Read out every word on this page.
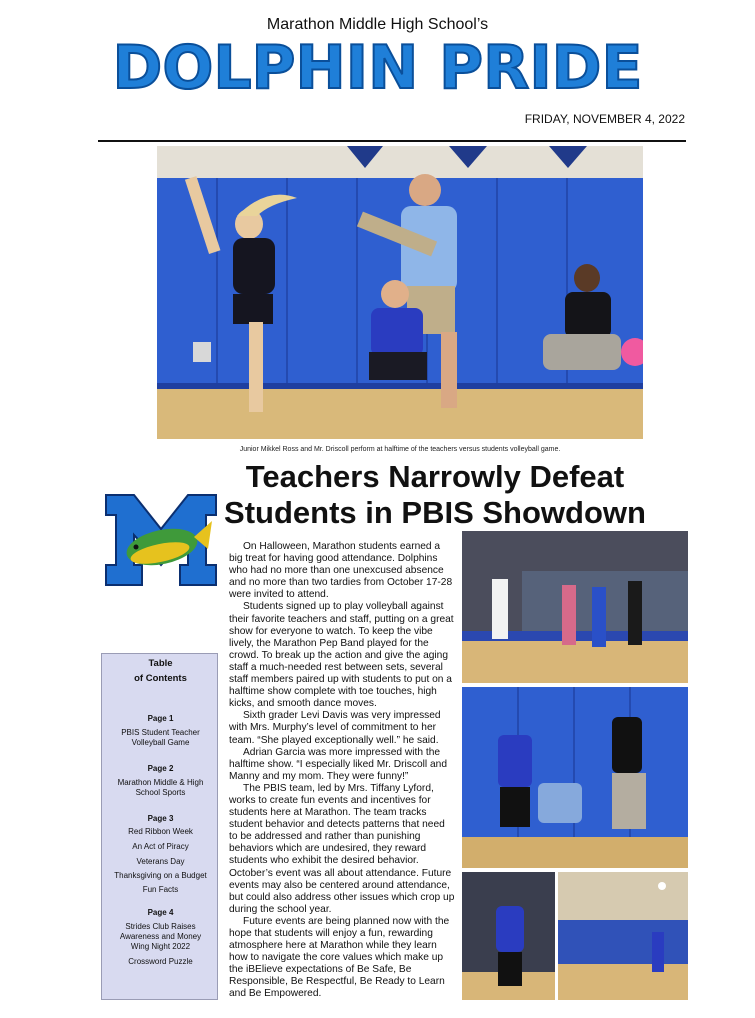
Marathon Middle High School’s
DOLPHIN PRIDE
FRIDAY, NOVEMBER 4, 2022
Junior Mikkel Ross and Mr. Driscoll perform at halftime of the teachers versus students volleyball game.
Teachers Narrowly Defeat
Students in PBIS Showdown
Table
of Contents
Page 1
PBIS Student Teacher Volleyball Game
Page 2
Marathon Middle & High School Sports
Page 3
Red Ribbon Week
An Act of Piracy
Veterans Day
Thanksgiving on a Budget
Fun Facts
Page 4
Strides Club Raises Awareness and Money
Wing Night 2022
Crossword Puzzle

On Halloween, Marathon students earned a big treat for having good attendance. Dolphins who had no more than one unexcused absence and no more than two tardies from October 17-28 were invited to attend.

Students signed up to play volleyball against their favorite teachers and staff, putting on a great show for everyone to watch. To keep the vibe lively, the Marathon Pep Band played for the crowd. To break up the action and give the aging staff a much-needed rest between sets, several staff members paired up with students to put on a halftime show complete with toe touches, high kicks, and smooth dance moves.

Sixth grader Levi Davis was very impressed with Mrs. Murphy’s level of commitment to her team. “She played exceptionally well.” he said.

Adrian Garcia was more impressed with the halftime show. “I especially liked Mr. Driscoll and Manny and my mom. They were funny!”

The PBIS team, led by Mrs. Tiffany Lyford, works to create fun events and incentives for students here at Marathon. The team tracks student behavior and detects patterns that need to be addressed and rather than punishing behaviors which are undesired, they reward students who exhibit the desired behavior. October’s event was all about attendance. Future events may also be centered around attendance, but could also address other issues which crop up during the school year.

Future events are being planned now with the hope that students will enjoy a fun, rewarding atmosphere here at Marathon while they learn how to navigate the core values which make up the iBElieve expectations of Be Safe, Be Responsible, Be Respectful, Be Ready to Learn and Be Empowered.
